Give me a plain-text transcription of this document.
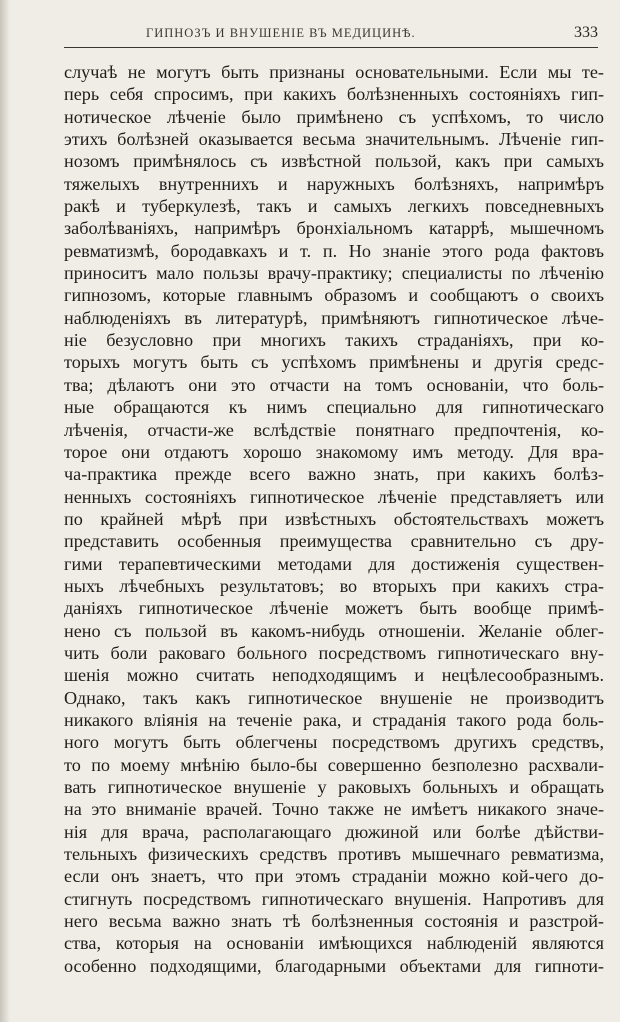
ГИПНОЗЪ И ВНУШЕНІЕ ВЪ МЕДИЦИНѢ.	333
случаѣ не могутъ быть признаны основательными. Если мы те-
перь себя спросимъ, при какихъ болѣзненныхъ состояніяхъ гип-
нотическое лѣченіе было примѣнено съ успѣхомъ, то число
этихъ болѣзней оказывается весьма значительнымъ. Лѣченіе гип-
нозомъ примѣнялось съ извѣстной пользой, какъ при самыхъ
тяжелыхъ внутреннихъ и наружныхъ болѣзняхъ, напримѣръ
ракѣ и туберкулезѣ, такъ и самыхъ легкихъ повседневныхъ
заболѣваніяхъ, напримѣръ бронхіальномъ катаррѣ, мышечномъ
ревматизмѣ, бородавкахъ и т. п. Но знаніе этого рода фактовъ
приноситъ мало пользы врачу-практику; специалисты по лѣченію
гипнозомъ, которые главнымъ образомъ и сообщаютъ о своихъ
наблюденіяхъ въ литературѣ, примѣняютъ гипнотическое лѣче-
ніе безусловно при многихъ такихъ страданіяхъ, при ко-
торыхъ могутъ быть съ успѣхомъ примѣнены и другія средс-
тва; дѣлаютъ они это отчасти на томъ основаніи, что боль-
ные обращаются къ нимъ специально для гипнотическаго
лѣченія, отчасти-же вслѣдствіе понятнаго предпочтенія, ко-
торое они отдаютъ хорошо знакомому имъ методу. Для вра-
ча-практика прежде всего важно знать, при какихъ болѣз-
ненныхъ состояніяхъ гипнотическое лѣченіе представляетъ или
по крайней мѣрѣ при извѣстныхъ обстоятельствахъ можетъ
представить особенныя преимущества сравнительно съ дру-
гими терапевтическими методами для достиженія существен-
ныхъ лѣчебныхъ результатовъ; во вторыхъ при какихъ стра-
даніяхъ гипнотическое лѣченіе можетъ быть вообще примѣ-
нено съ пользой въ какомъ-нибудь отношеніи. Желаніе облег-
чить боли раковаго больного посредствомъ гипнотическаго вну-
шенія можно считать неподходящимъ и нецѣлесообразнымъ.
Однако, такъ какъ гипнотическое внушеніе не производитъ
никакого вліянія на теченіе рака, и страданія такого рода боль-
ного могутъ быть облегчены посредствомъ другихъ средствъ,
то по моему мнѣнію было-бы совершенно безполезно расхвали-
вать гипнотическое внушеніе у раковыхъ больныхъ и обращать
на это вниманіе врачей. Точно также не имѣетъ никакого значе-
нія для врача, располагающаго дюжиной или болѣе дѣйстви-
тельныхъ физическихъ средствъ противъ мышечнаго ревматизма,
если онъ знаетъ, что при этомъ страданіи можно кой-чего до-
стигнуть посредствомъ гипнотическаго внушенія. Напротивъ для
него весьма важно знать тѣ болѣзненныя состоянія и разстрой-
ства, которыя на основаніи имѣющихся наблюденій являются
особенно подходящими, благодарными объектами для гипноти-
